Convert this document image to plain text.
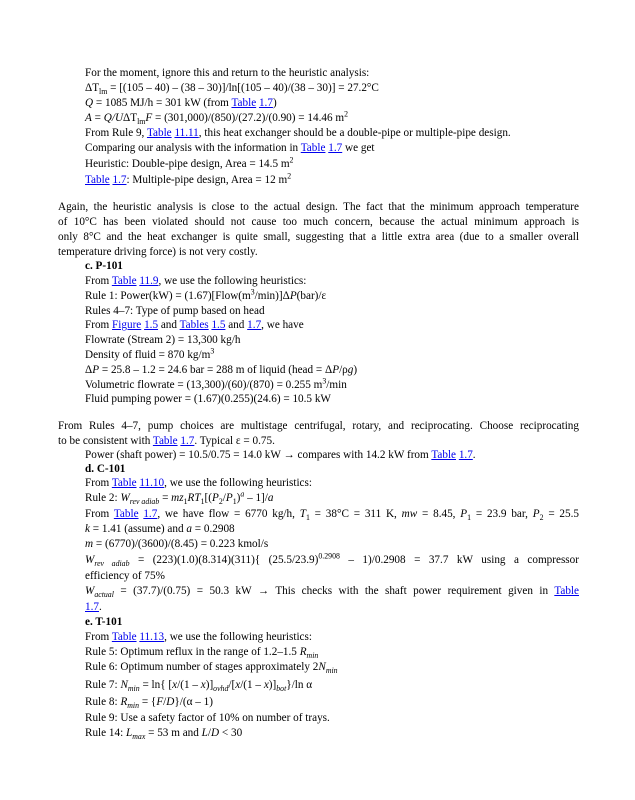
For the moment, ignore this and return to the heuristic analysis:
$\Delta T_{lm} = [(105 - 40) - (38 - 30)]/\ln[(105 - 40)/(38 - 30)] = 27.2^\circ C$
Q = 1085 MJ/h = 301 kW (from Table 1.7)
$A = Q/U\Delta T_{lm}F = (301,000)/(850)/(27.2)/(0.90) = 14.46$ $m^2$
From Rule 9, Table 11.11, this heat exchanger should be a double-pipe or multiple-pipe design.
Comparing our analysis with the information in Table 1.7 we get
Heuristic: Double-pipe design, Area = 14.5 $m^2$
Table 1.7: Multiple-pipe design, Area = 12 $m^2$
Again, the heuristic analysis is close to the actual design. The fact that the minimum approach temperature
of 10°C has been violated should not cause too much concern, because the actual minimum approach is
only 8°C and the heat exchanger is quite small, suggesting that a little extra area (due to a smaller overall
temperature driving force) is not very costly.
c. P-101
From Table 11.9, we use the following heuristics:
Rule 1: Power(kW) = $(1.67)[Flow(m^3/\min)]\Delta P(bar)/\varepsilon$
Rules 4–7: Type of pump based on head
From Figure 1.5 and Tables 1.5 and 1.7, we have
Flowrate (Stream 2) = 13,300 kg/h
Density of fluid = 870 $kg/m^3$
ΔP = 25.8 – 1.2 = 24.6 bar = 288 m of liquid (head = ΔP/ρg)
Volumetric flowrate = (13,300)/(60)/(870) = 0.255 $m^3/\min$
Fluid pumping power = (1.67)(0.255)(24.6) = 10.5 kW
From Rules 4–7, pump choices are multistage centrifugal, rotary, and reciprocating. Choose reciprocating
to be consistent with Table 1.7. Typical ε = 0.75.
Power (shaft power) = 10.5/0.75 = 14.0 kW → compares with 14.2 kW from Table 1.7.
d. C-101
From Table 11.10, we use the following heuristics:
Rule 2: $W_{rev adiab} = mz_1RT_1[(P_2/P_1)^a - 1]/a$
From Table 1.7, we have flow = 6770 kg/h, $T_1 = 38^\circ C = 311$ K, mw = 8.45, $P_1 = 23.9$ bar, $P_2 = 25.5$
k = 1.41 (assume) and a = 0.2908
m = (6770)/(3600)/(8.45) = 0.223 kmol/s
$W_{rev adiab} = (223)(1.0)(8.314)(311)${ $(25.5/23.9)^{0.2908} - 1)/0.2908 = 37.7$ kW using a compressor
efficiency of 75%
$W_{actual} = (37.7)/(0.75) = 50.3$ kW → This checks with the shaft power requirement given in Table
1.7.
e. T-101
From Table 11.13, we use the following heuristics:
Rule 5: Optimum reflux in the range of 1.2–1.5 $R_{min}$
Rule 6: Optimum number of stages approximately $2N_{min}$
Rule 7: $N_{min} = \ln${ $[x/(1 - x)]_{ovhd}/[x/(1 - x)]_{bot}\}/\ln$ α
Rule 8: $R_{min} = \{F/D\}/(\alpha - 1)$
Rule 9: Use a safety factor of 10% on number of trays.
Rule 14: $L_{max} = 53$ m and L/D < 30
